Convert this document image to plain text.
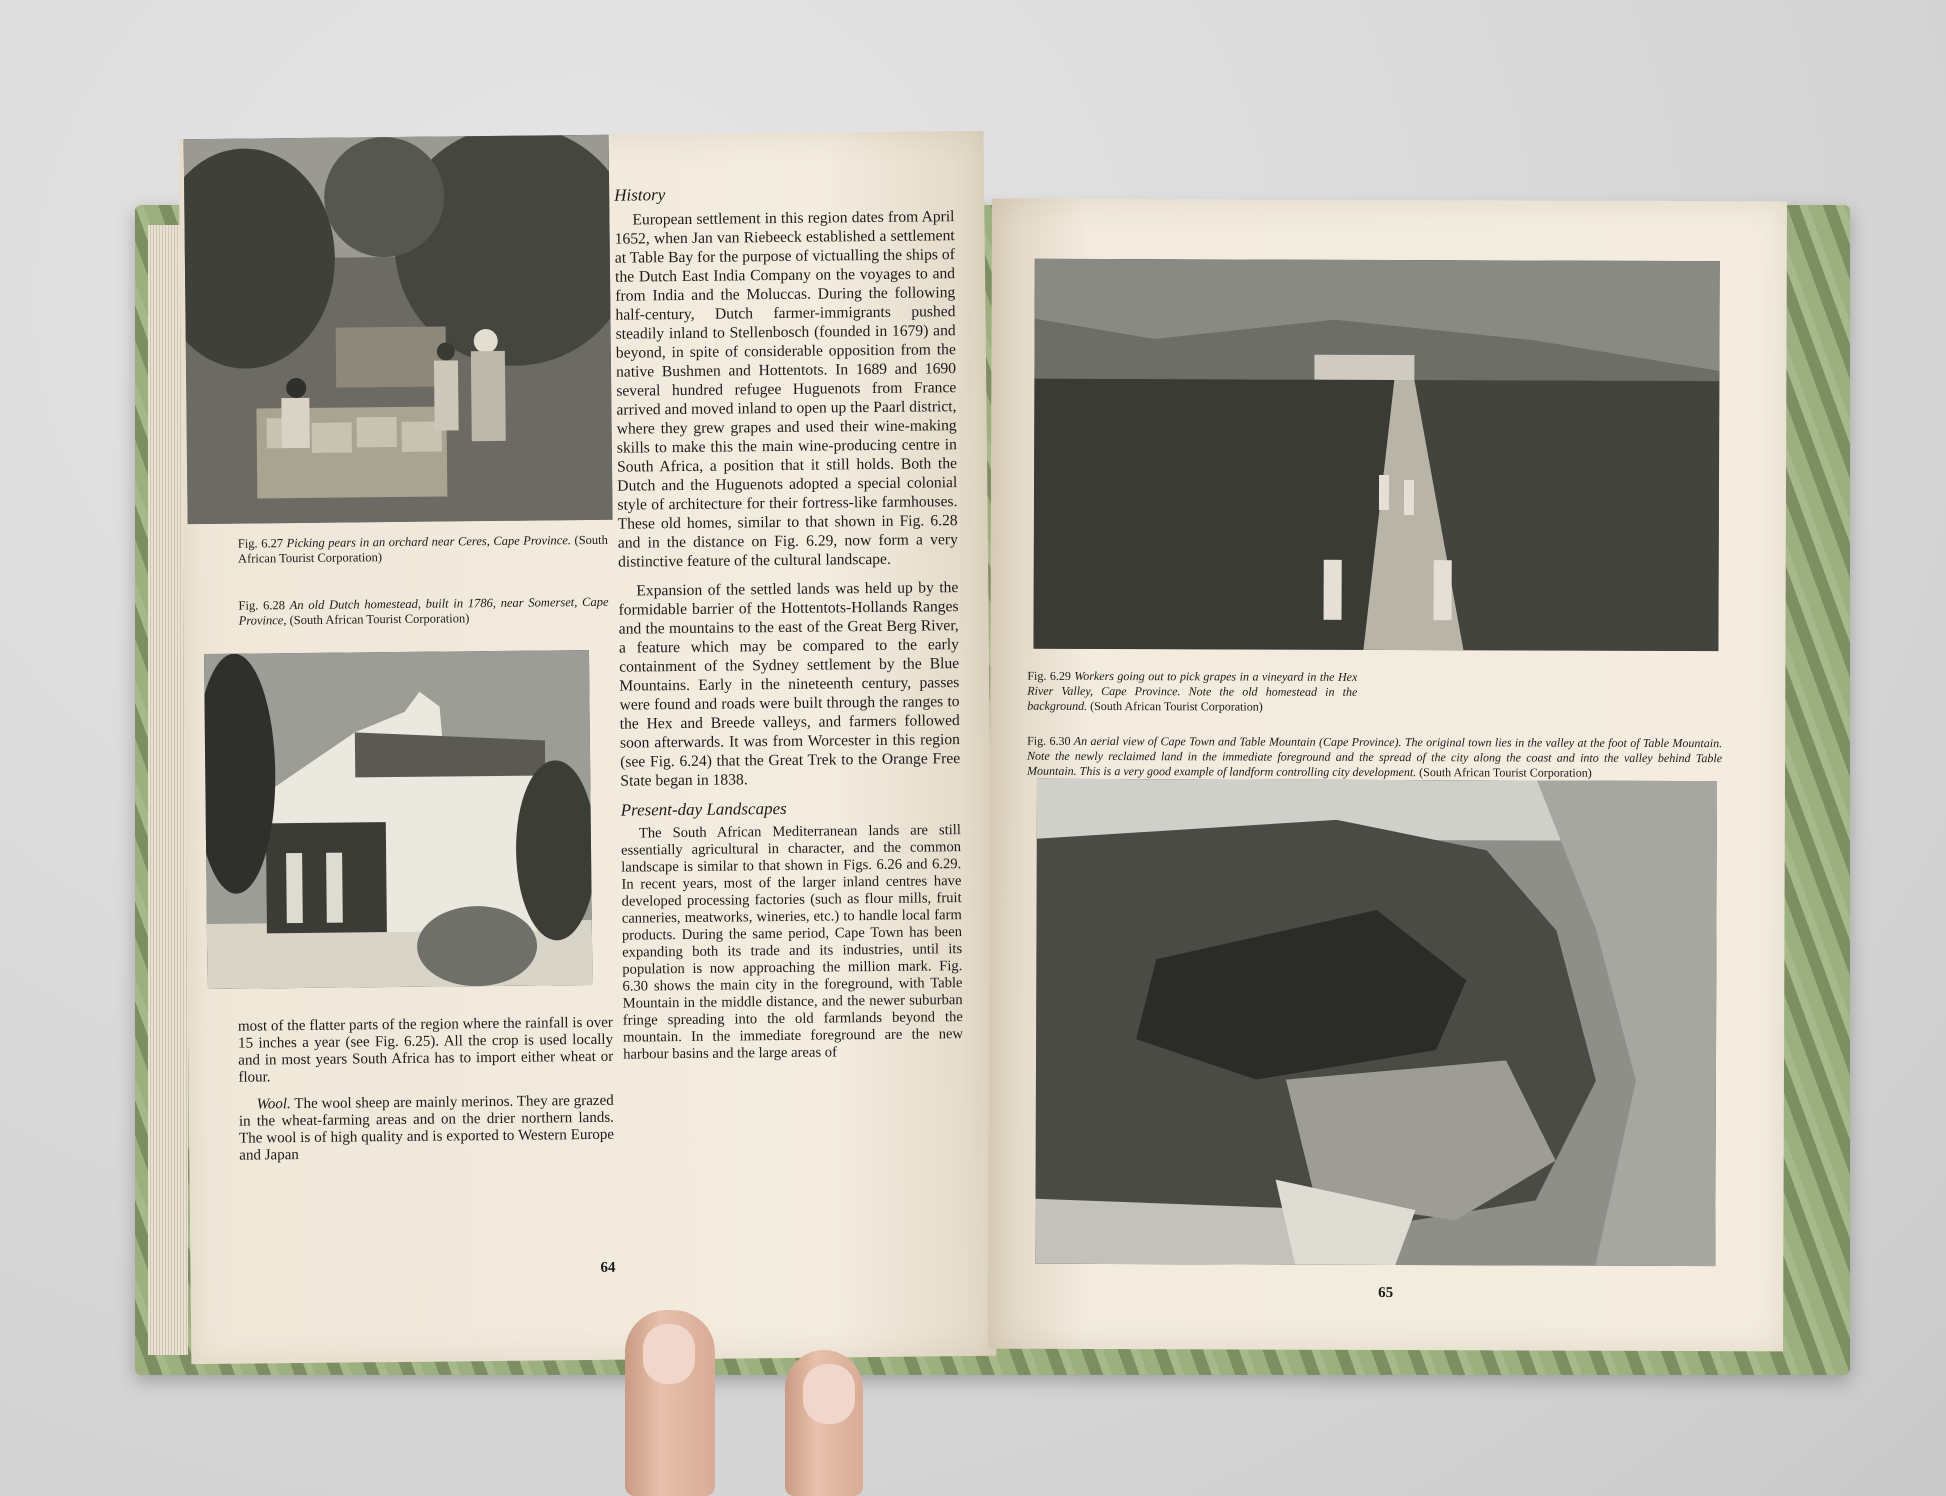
Fig. 6.27 Picking pears in an orchard near Ceres, Cape Province. (South African Tourist Corporation)
Fig. 6.28 An old Dutch homestead, built in 1786, near Somerset, Cape Province, (South African Tourist Corporation)

most of the flatter parts of the region where the rainfall is over 15 inches a year (see Fig. 6.25). All the crop is used locally and in most years South Africa has to import either wheat or flour.

Wool. The wool sheep are mainly merinos. They are grazed in the wheat-farming areas and on the drier northern lands. The wool is of high quality and is exported to Western Europe and Japan

64
History

European settlement in this region dates from April 1652, when Jan van Riebeeck established a settlement at Table Bay for the purpose of victualling the ships of the Dutch East India Company on the voyages to and from India and the Moluccas. During the following half-century, Dutch farmer-immigrants pushed steadily inland to Stellenbosch (founded in 1679) and beyond, in spite of considerable opposition from the native Bushmen and Hottentots. In 1689 and 1690 several hundred refugee Huguenots from France arrived and moved inland to open up the Paarl district, where they grew grapes and used their wine-making skills to make this the main wine-producing centre in South Africa, a position that it still holds. Both the Dutch and the Huguenots adopted a special colonial style of architecture for their fortress-like farmhouses. These old homes, similar to that shown in Fig. 6.28 and in the distance on Fig. 6.29, now form a very distinctive feature of the cultural landscape.

Expansion of the settled lands was held up by the formidable barrier of the Hottentots-Hollands Ranges and the mountains to the east of the Great Berg River, a feature which may be compared to the early containment of the Sydney settlement by the Blue Mountains. Early in the nineteenth century, passes were found and roads were built through the ranges to the Hex and Breede valleys, and farmers followed soon afterwards. It was from Worcester in this region (see Fig. 6.24) that the Great Trek to the Orange Free State began in 1838.

Present-day Landscapes

The South African Mediterranean lands are still essentially agricultural in character, and the common landscape is similar to that shown in Figs. 6.26 and 6.29. In recent years, most of the larger inland centres have developed processing factories (such as flour mills, fruit canneries, meatworks, wineries, etc.) to handle local farm products. During the same period, Cape Town has been expanding both its trade and its industries, until its population is now approaching the million mark. Fig. 6.30 shows the main city in the foreground, with Table Mountain in the middle distance, and the newer suburban fringe spreading into the old farmlands beyond the mountain. In the immediate foreground are the new harbour basins and the large areas of

Fig. 6.29 Workers going out to pick grapes in a vineyard in the Hex River Valley, Cape Province. Note the old homestead in the background. (South African Tourist Corporation)
Fig. 6.30 An aerial view of Cape Town and Table Mountain (Cape Province). The original town lies in the valley at the foot of Table Mountain. Note the newly reclaimed land in the immediate foreground and the spread of the city along the coast and into the valley behind Table Mountain. This is a very good example of landform controlling city development. (South African Tourist Corporation)
65
